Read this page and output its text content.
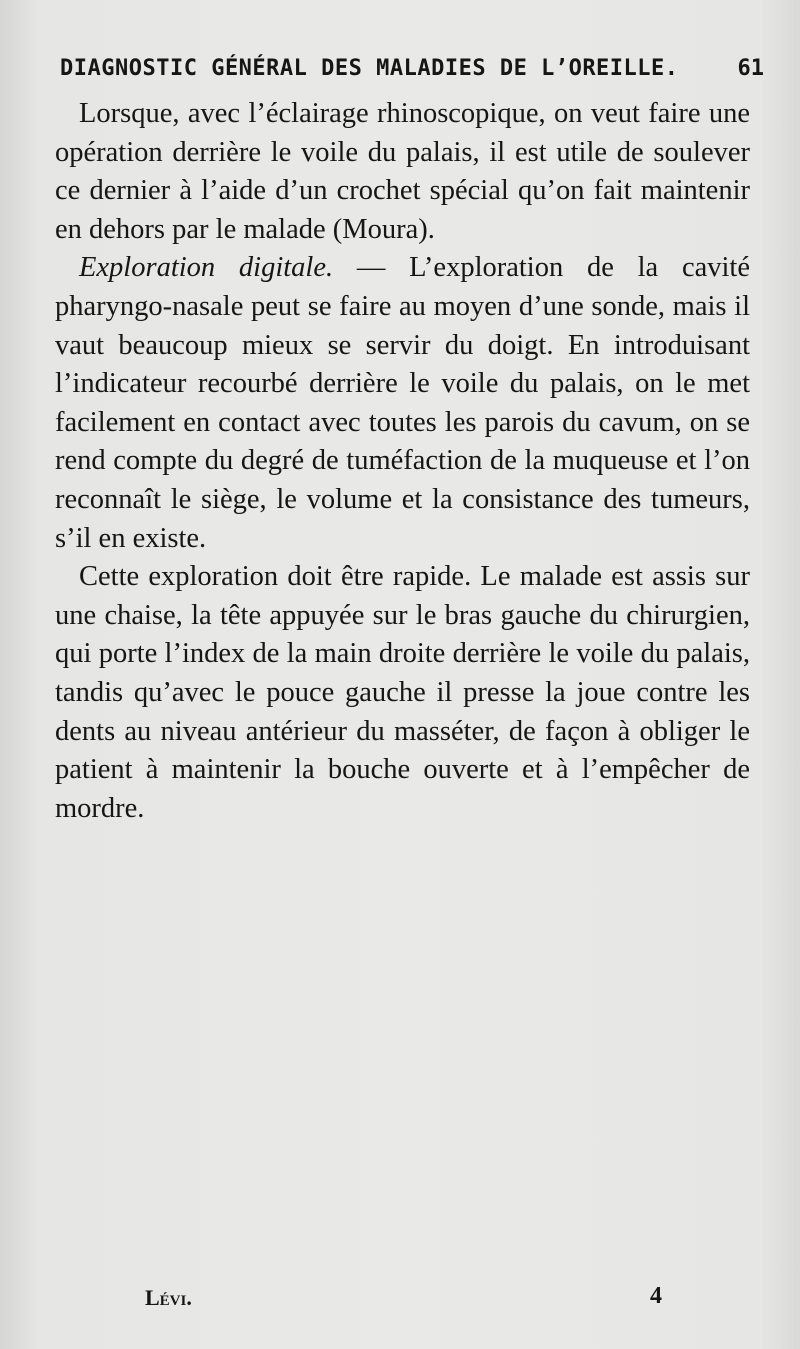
DIAGNOSTIC GÉNÉRAL DES MALADIES DE L’OREILLE.	61

Lorsque, avec l’éclairage rhinoscopique, on veut faire une opération derrière le voile du palais, il est utile de soulever ce dernier à l’aide d’un crochet spécial qu’on fait maintenir en dehors par le malade (Moura).

Exploration digitale. — L’exploration de la cavité pharyngo-nasale peut se faire au moyen d’une sonde, mais il vaut beaucoup mieux se servir du doigt. En introduisant l’indicateur recourbé derrière le voile du palais, on le met facilement en contact avec toutes les parois du cavum, on se rend compte du degré de tuméfaction de la muqueuse et l’on reconnaît le siège, le volume et la consistance des tumeurs, s’il en existe.

Cette exploration doit être rapide. Le malade est assis sur une chaise, la tête appuyée sur le bras gauche du chirurgien, qui porte l’index de la main droite derrière le voile du palais, tandis qu’avec le pouce gauche il presse la joue contre les dents au niveau antérieur du masséter, de façon à obliger le patient à maintenir la bouche ouverte et à l’empêcher de mordre.

Lévi.	4
